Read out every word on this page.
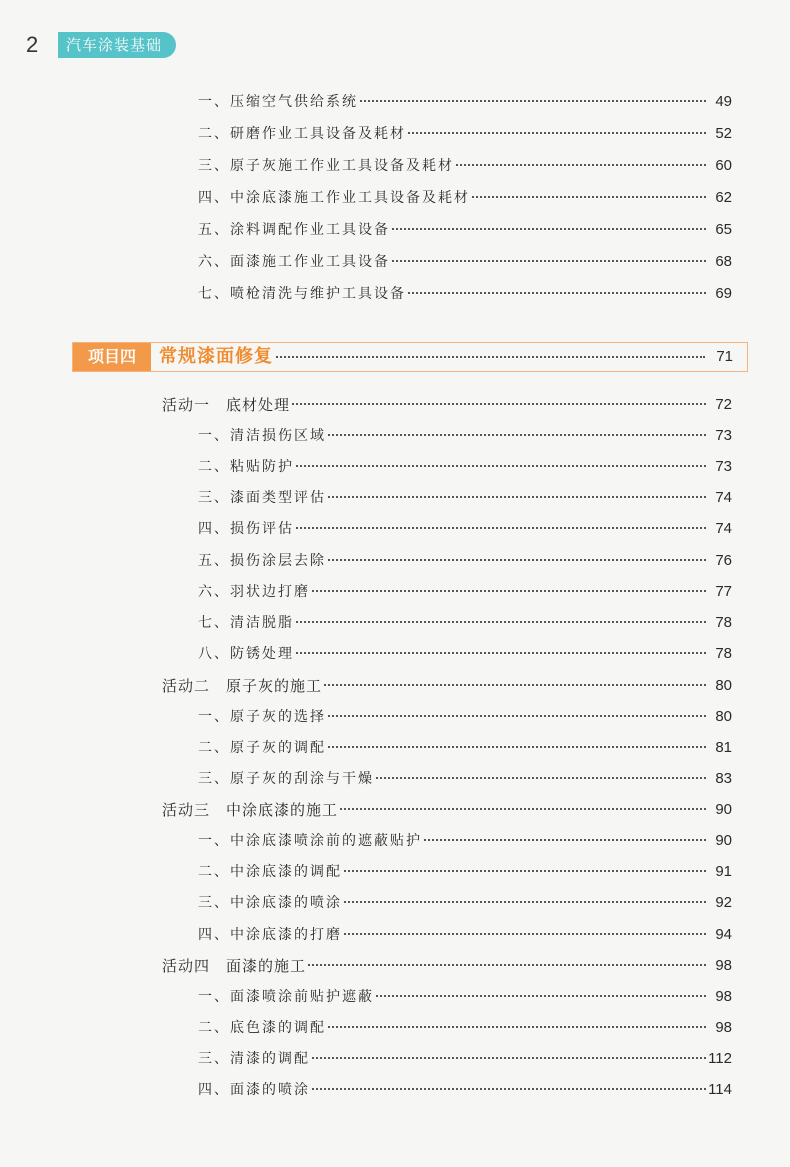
2	汽车涂装基础
一、压缩空气供给系统	49
二、研磨作业工具设备及耗材	52
三、原子灰施工作业工具设备及耗材	60
四、中涂底漆施工作业工具设备及耗材	62
五、涂料调配作业工具设备	65
六、面漆施工作业工具设备	68
七、喷枪清洗与维护工具设备	69
项目四	常规漆面修复	71
活动一　底材处理	72
一、清洁损伤区域	73
二、粘贴防护	73
三、漆面类型评估	74
四、损伤评估	74
五、损伤涂层去除	76
六、羽状边打磨	77
七、清洁脱脂	78
八、防锈处理	78
活动二　原子灰的施工	80
一、原子灰的选择	80
二、原子灰的调配	81
三、原子灰的刮涂与干燥	83
活动三　中涂底漆的施工	90
一、中涂底漆喷涂前的遮蔽贴护	90
二、中涂底漆的调配	91
三、中涂底漆的喷涂	92
四、中涂底漆的打磨	94
活动四　面漆的施工	98
一、面漆喷涂前贴护遮蔽	98
二、底色漆的调配	98
三、清漆的调配	112
四、面漆的喷涂	114
